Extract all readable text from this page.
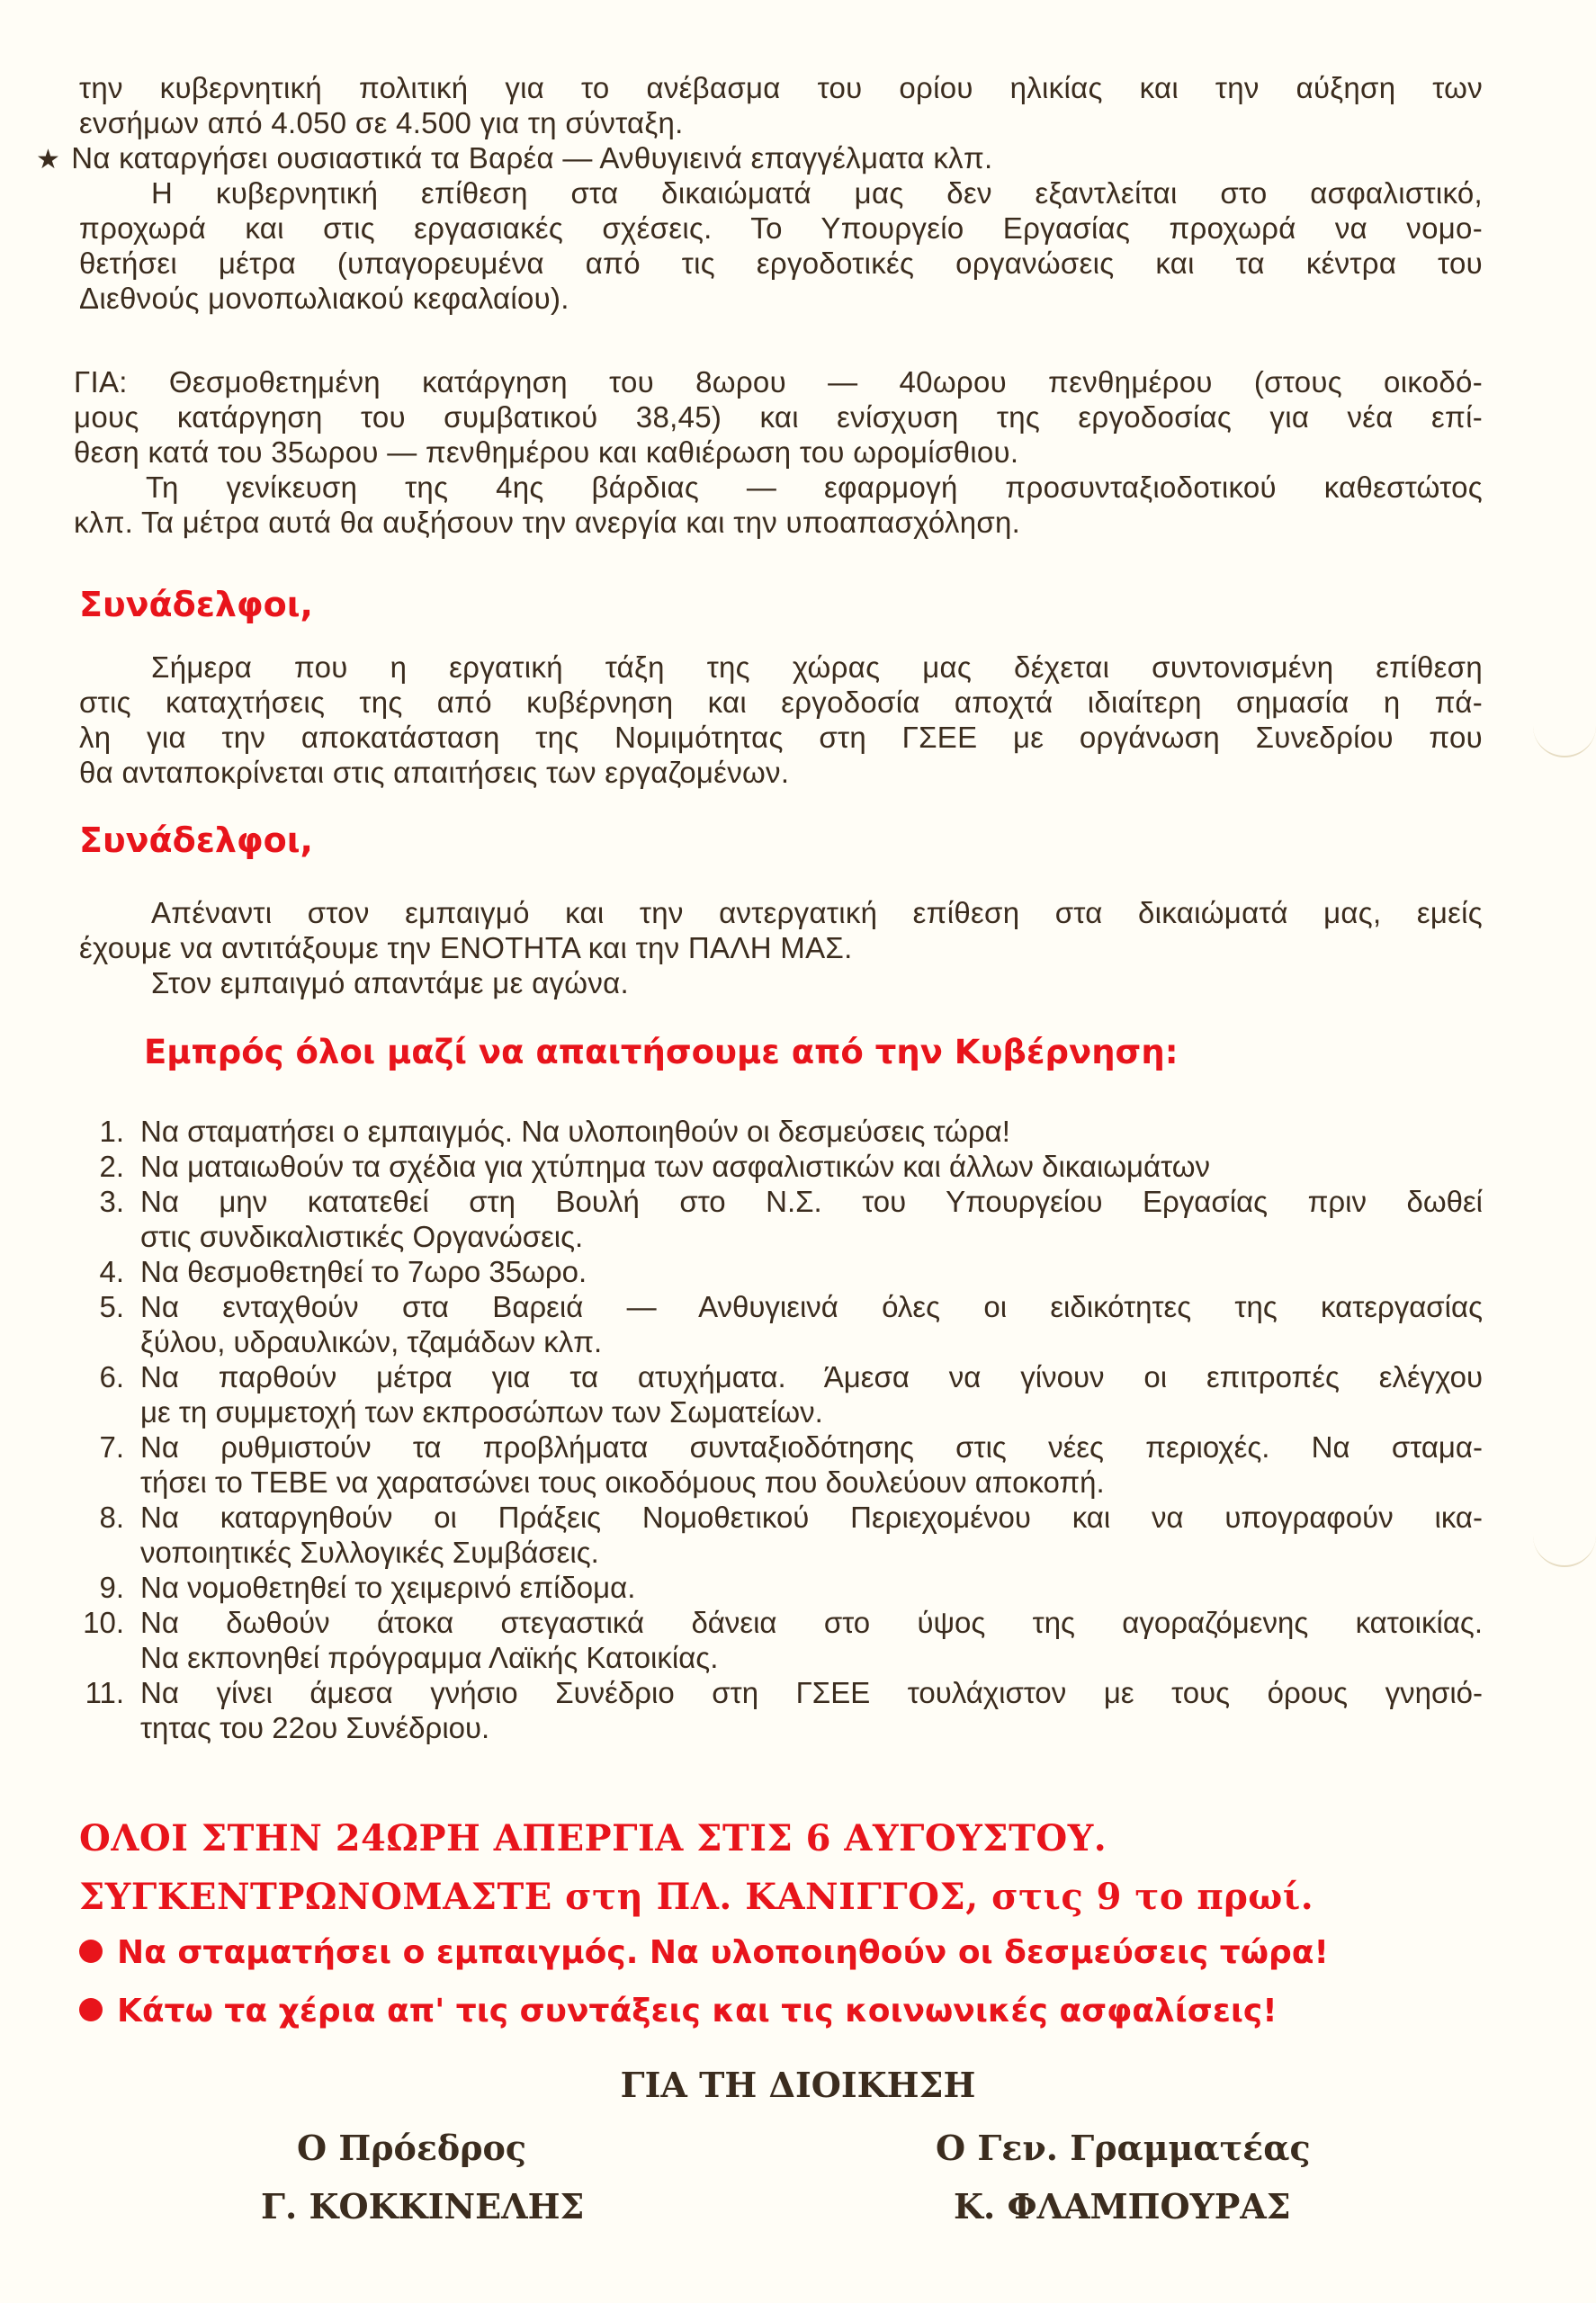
την κυβερνητική πολιτική για το ανέβασμα του ορίου ηλικίας και την αύξηση των
ενσήμων από 4.050 σε 4.500 για τη σύνταξη.
★ Να καταργήσει ουσιαστικά τα Βαρέα — Ανθυγιεινά επαγγέλματα κλπ.
Η κυβερνητική επίθεση στα δικαιώματά μας δεν εξαντλείται στο ασφαλιστικό,
προχωρά και στις εργασιακές σχέσεις. Το Υπουργείο Εργασίας προχωρά να νομο-
θετήσει μέτρα (υπαγορευμένα από τις εργοδοτικές οργανώσεις και τα κέντρα του
Διεθνούς μονοπωλιακού κεφαλαίου).
ΓΙΑ: Θεσμοθετημένη κατάργηση του 8ωρου — 40ωρου πενθημέρου (στους οικοδό-
μους κατάργηση του συμβατικού 38,45) και ενίσχυση της εργοδοσίας για νέα επί-
θεση κατά του 35ωρου — πενθημέρου και καθιέρωση του ωρομίσθιου.
Τη γενίκευση της 4ης βάρδιας — εφαρμογή προσυνταξιοδοτικού καθεστώτος
κλπ. Τα μέτρα αυτά θα αυξήσουν την ανεργία και την υποαπασχόληση.
Συνάδελφοι,
Σήμερα που η εργατική τάξη της χώρας μας δέχεται συντονισμένη επίθεση
στις καταχτήσεις της από κυβέρνηση και εργοδοσία αποχτά ιδιαίτερη σημασία η πά-
λη για την αποκατάσταση της Νομιμότητας στη ΓΣΕΕ με οργάνωση Συνεδρίου που
θα ανταποκρίνεται στις απαιτήσεις των εργαζομένων.
Συνάδελφοι,
Απέναντι στον εμπαιγμό και την αντεργατική επίθεση στα δικαιώματά μας, εμείς
έχουμε να αντιτάξουμε την ΕΝΟΤΗΤΑ και την ΠΑΛΗ ΜΑΣ.
Στον εμπαιγμό απαντάμε με αγώνα.
Εμπρός όλοι μαζί να απαιτήσουμε από την Κυβέρνηση:
1. Να σταματήσει ο εμπαιγμός. Να υλοποιηθούν οι δεσμεύσεις τώρα!
2. Να ματαιωθούν τα σχέδια για χτύπημα των ασφαλιστικών και άλλων δικαιωμάτων
3. Να μην κατατεθεί στη Βουλή στο Ν.Σ. του Υπουργείου Εργασίας πριν δωθεί
στις συνδικαλιστικές Οργανώσεις.
4. Να θεσμοθετηθεί το 7ωρο 35ωρο.
5. Να ενταχθούν στα Βαρειά — Ανθυγιεινά όλες οι ειδικότητες της κατεργασίας
ξύλου, υδραυλικών, τζαμάδων κλπ.
6. Να παρθούν μέτρα για τα ατυχήματα. Άμεσα να γίνουν οι επιτροπές ελέγχου
με τη συμμετοχή των εκπροσώπων των Σωματείων.
7. Να ρυθμιστούν τα προβλήματα συνταξιοδότησης στις νέες περιοχές. Να σταμα-
τήσει το ΤΕΒΕ να χαρατσώνει τους οικοδόμους που δουλεύουν αποκοπή.
8. Να καταργηθούν οι Πράξεις Νομοθετικού Περιεχομένου και να υπογραφούν ικα-
νοποιητικές Συλλογικές Συμβάσεις.
9. Να νομοθετηθεί το χειμερινό επίδομα.
10. Να δωθούν άτοκα στεγαστικά δάνεια στο ύψος της αγοραζόμενης κατοικίας.
Να εκπονηθεί πρόγραμμα Λαϊκής Κατοικίας.
11. Να γίνει άμεσα γνήσιο Συνέδριο στη ΓΣΕΕ τουλάχιστον με τους όρους γνησιό-
τητας του 22ου Συνέδριου.
ΟΛΟΙ ΣΤΗΝ 24ΩΡΗ ΑΠΕΡΓΙΑ ΣΤΙΣ 6 ΑΥΓΟΥΣΤΟΥ.
ΣΥΓΚΕΝΤΡΩΝΟΜΑΣΤΕ στη ΠΛ. ΚΑΝΙΓΓΟΣ, στις 9 το πρωί.
Να σταματήσει ο εμπαιγμός. Να υλοποιηθούν οι δεσμεύσεις τώρα!
Κάτω τα χέρια απ' τις συντάξεις και τις κοινωνικές ασφαλίσεις!
ΓΙΑ ΤΗ ΔΙΟΙΚΗΣΗ
Ο Πρόεδρος
Γ. ΚΟΚΚΙΝΕΛΗΣ
Ο Γεν. Γραμματέας
Κ. ΦΛΑΜΠΟΥΡΑΣ
